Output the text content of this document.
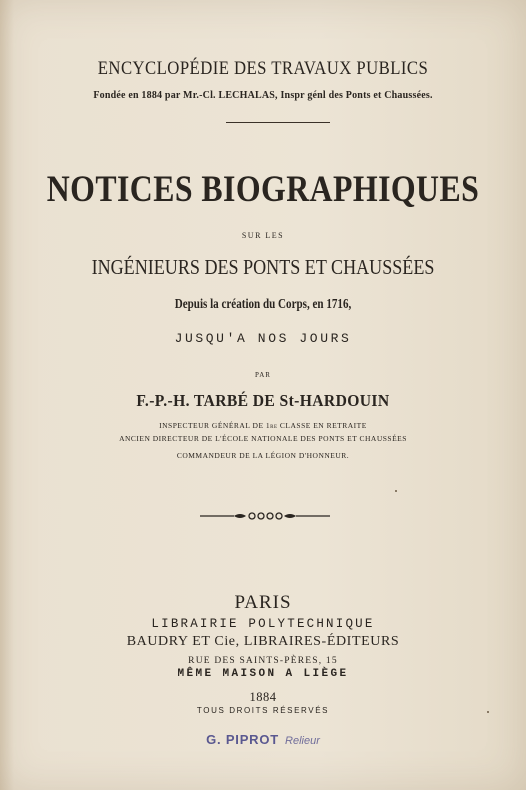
ENCYCLOPÉDIE DES TRAVAUX PUBLICS
Fondée en 1884 par Mr.-Cl. LECHALAS, Inspr génl des Ponts et Chaussées.
NOTICES BIOGRAPHIQUES
SUR LES
INGÉNIEURS DES PONTS ET CHAUSSÉES
Depuis la création du Corps, en 1716,
JUSQU'A NOS JOURS
PAR
F.-P.-H. TARBÉ DE St-HARDOUIN
INSPECTEUR GÉNÉRAL DE 1re CLASSE EN RETRAITE
ANCIEN DIRECTEUR DE L'ÉCOLE NATIONALE DES PONTS ET CHAUSSÉES
COMMANDEUR DE LA LÉGION D'HONNEUR.
PARIS
LIBRAIRIE POLYTECHNIQUE
BAUDRY ET Cie, LIBRAIRES-ÉDITEURS
RUE DES SAINTS-PÈRES, 15
MÊME MAISON A LIÈGE
1884
TOUS DROITS RÉSERVÉS
G. PIPROT Relieur
